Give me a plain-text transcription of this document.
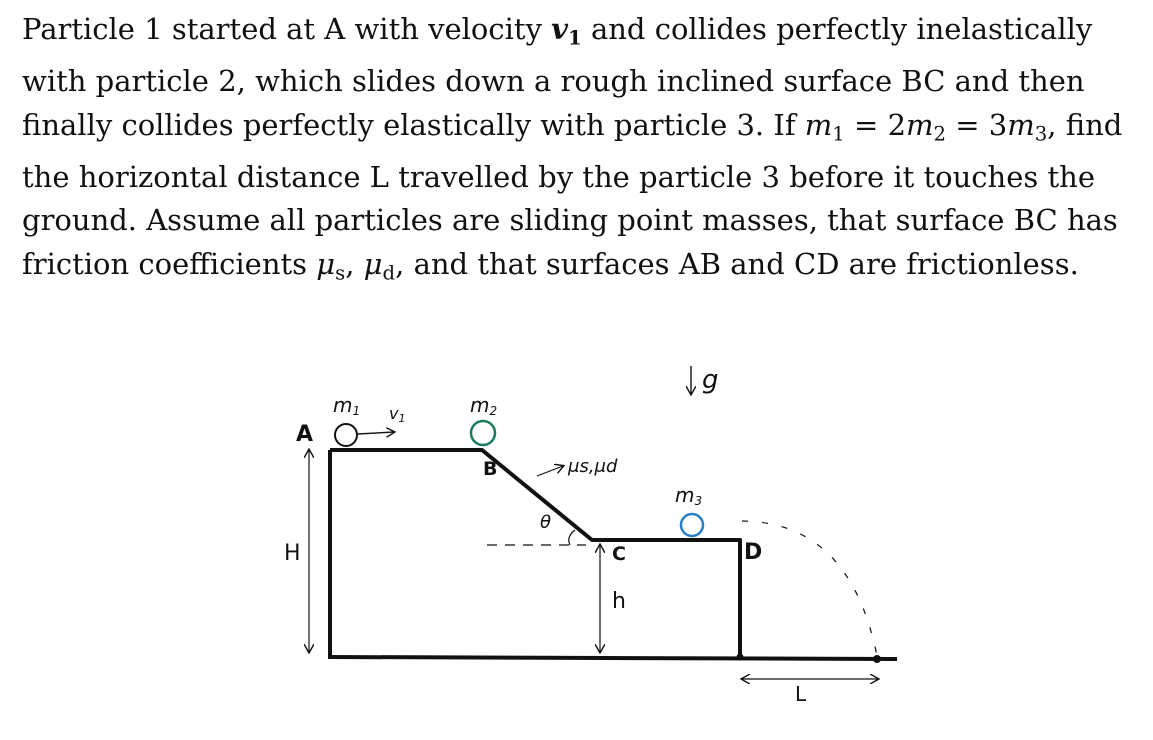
Particle 1 started at A with velocity $v_1$ and collides perfectly inelastically with particle 2, which slides down a rough inclined surface BC and then finally collides perfectly elastically with particle 3. If $m_1 = 2m_2 = 3m_3$, find the horizontal distance L travelled by the particle 3 before it touches the ground. Assume all particles are sliding point masses, that surface BC has friction coefficients $\mu_s$, $\mu_d$, and that surfaces AB and CD are frictionless.

H
h
L
A
B
C	D
m1 v1
m2
μs,μd
θ
g
m3
